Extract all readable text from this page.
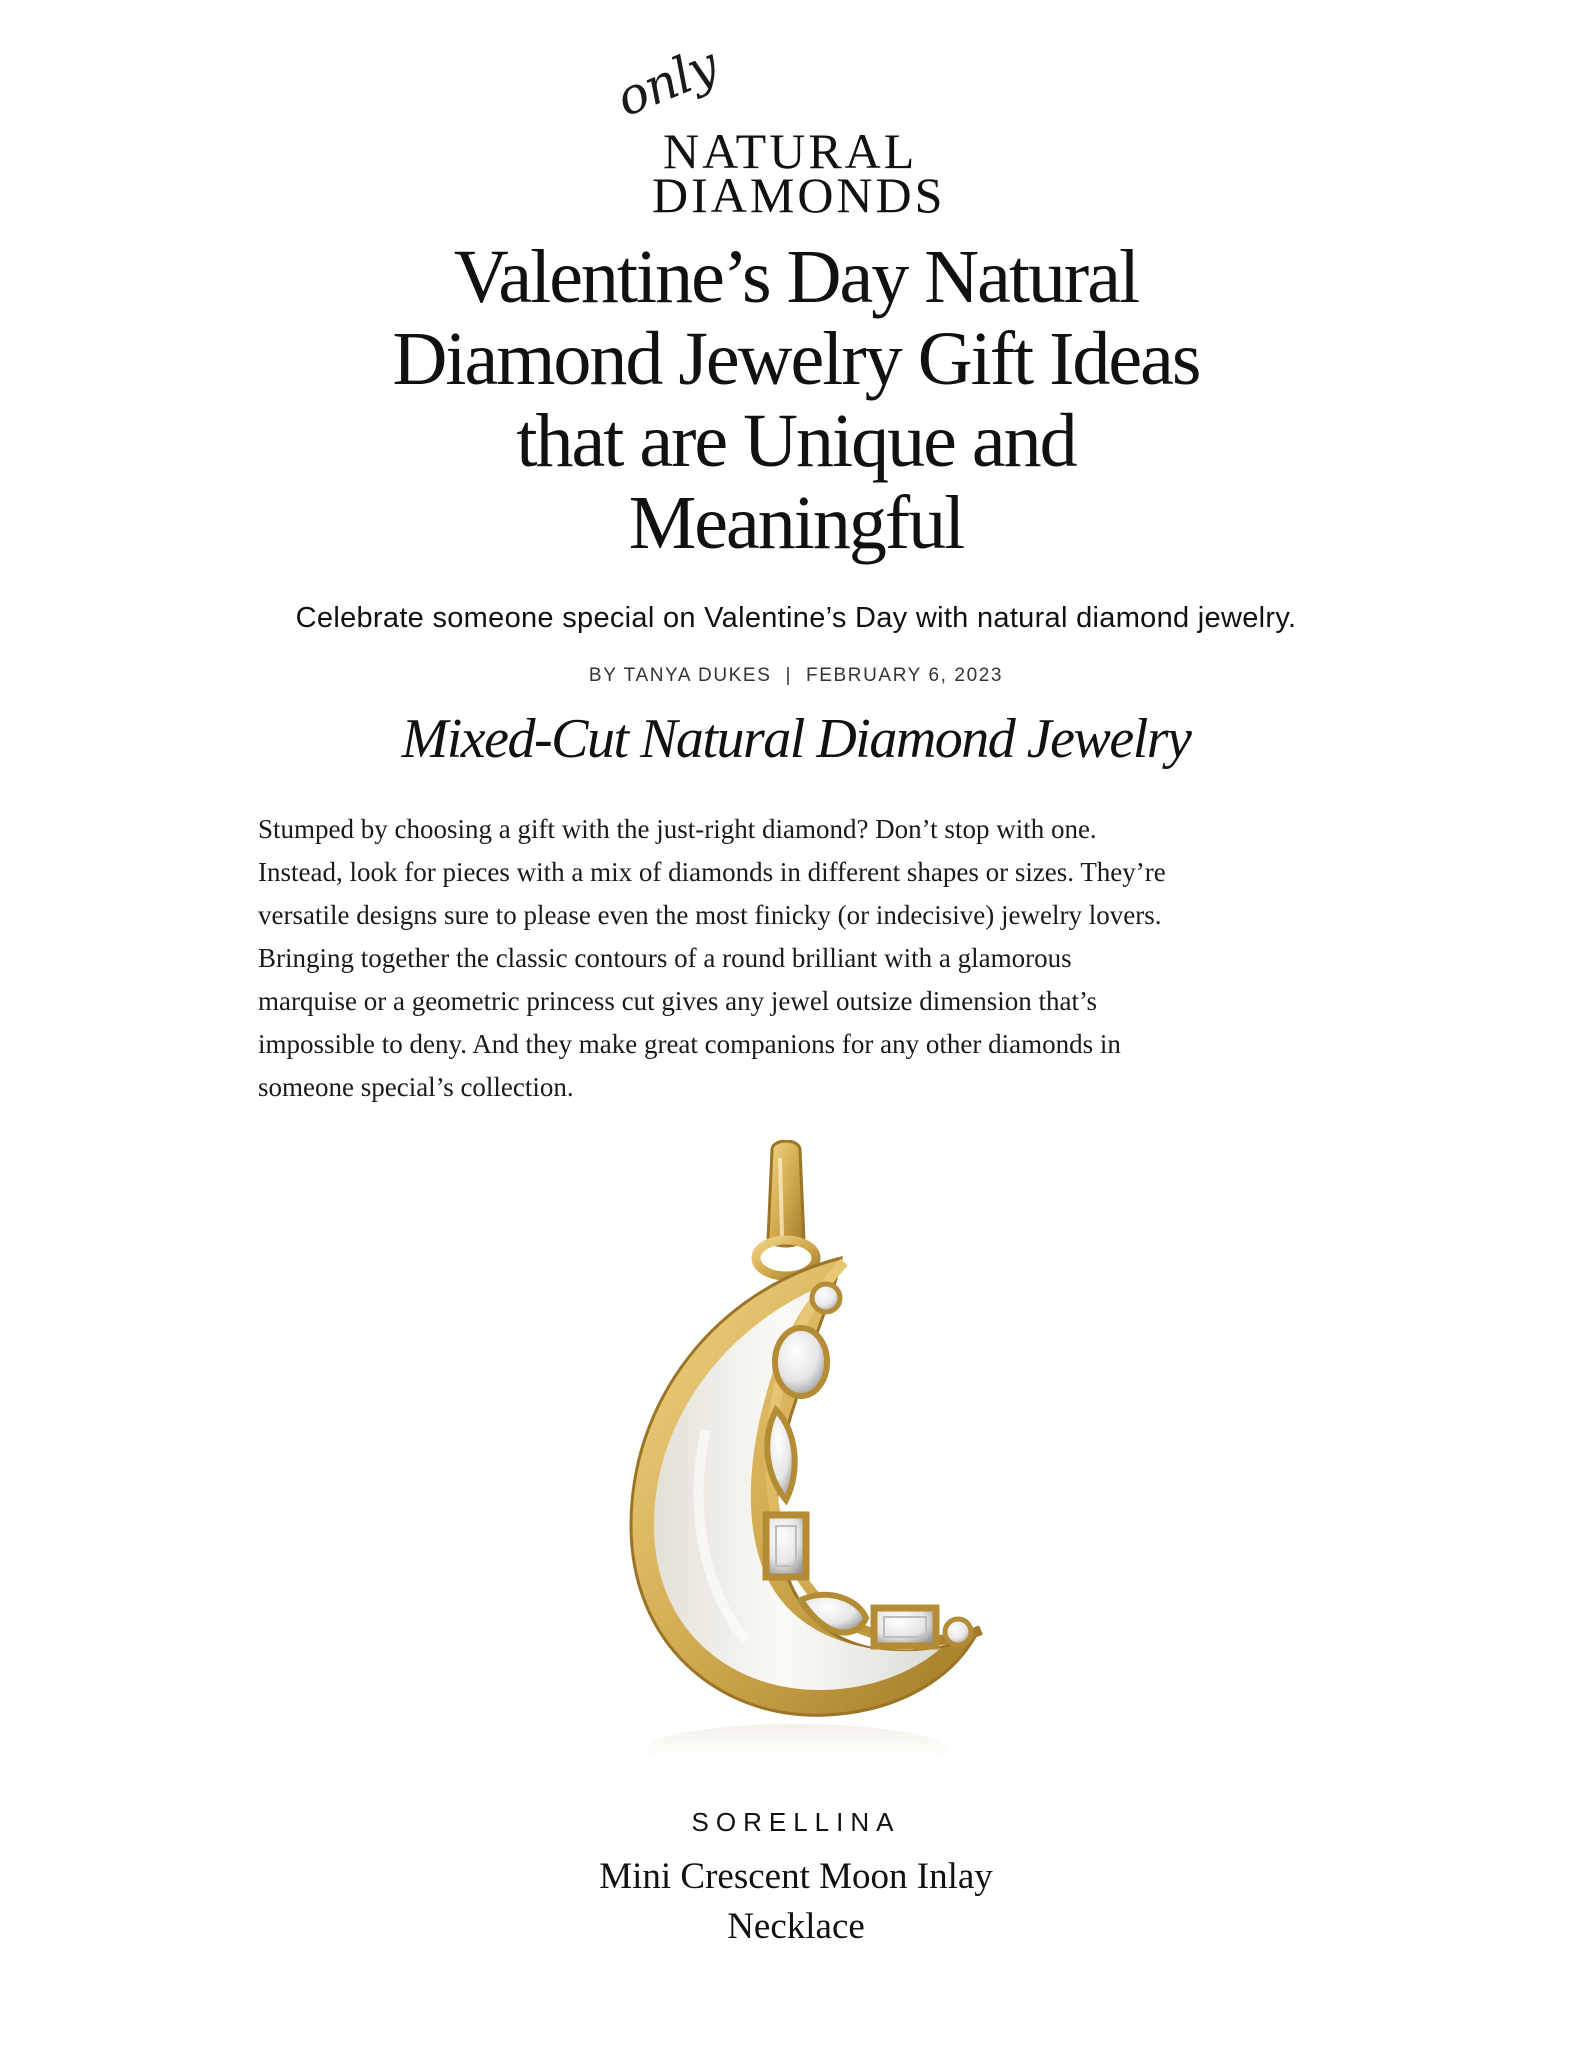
only
NATURAL
DIAMONDS
Valentine’s Day Natural
Diamond Jewelry Gift Ideas
that are Unique and
Meaningful
Celebrate someone special on Valentine’s Day with natural diamond jewelry.
BY TANYA DUKES | FEBRUARY 6, 2023
Mixed-Cut Natural Diamond Jewelry

Stumped by choosing a gift with the just-right diamond? Don’t stop with one.
Instead, look for pieces with a mix of diamonds in different shapes or sizes. They’re
versatile designs sure to please even the most finicky (or indecisive) jewelry lovers.
Bringing together the classic contours of a round brilliant with a glamorous
marquise or a geometric princess cut gives any jewel outsize dimension that’s
impossible to deny. And they make great companions for any other diamonds in
someone special’s collection.

SORELLINA
Mini Crescent Moon Inlay
Necklace
